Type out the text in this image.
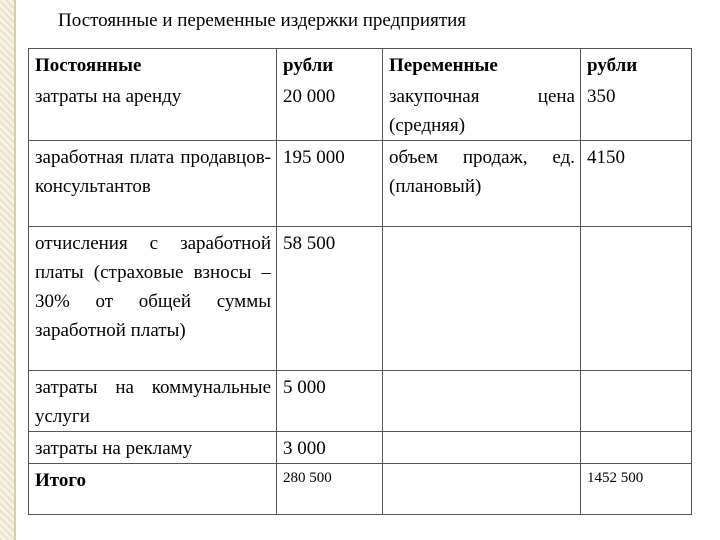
Постоянные и переменные издержки предприятия
Постоянные	рубли	Переменные	рубли
затраты на аренду	20 000	закупочная цена (средняя)	350
заработная плата продавцов-консультантов	195 000	объем продаж, ед.(плановый)	4150
отчисления с заработной платы (страховые взносы – 30% от общей суммы заработной платы)	58 500		
затраты на коммунальные услуги	5 000		
затраты на рекламу	3 000		
Итого	280 500		1452 500
